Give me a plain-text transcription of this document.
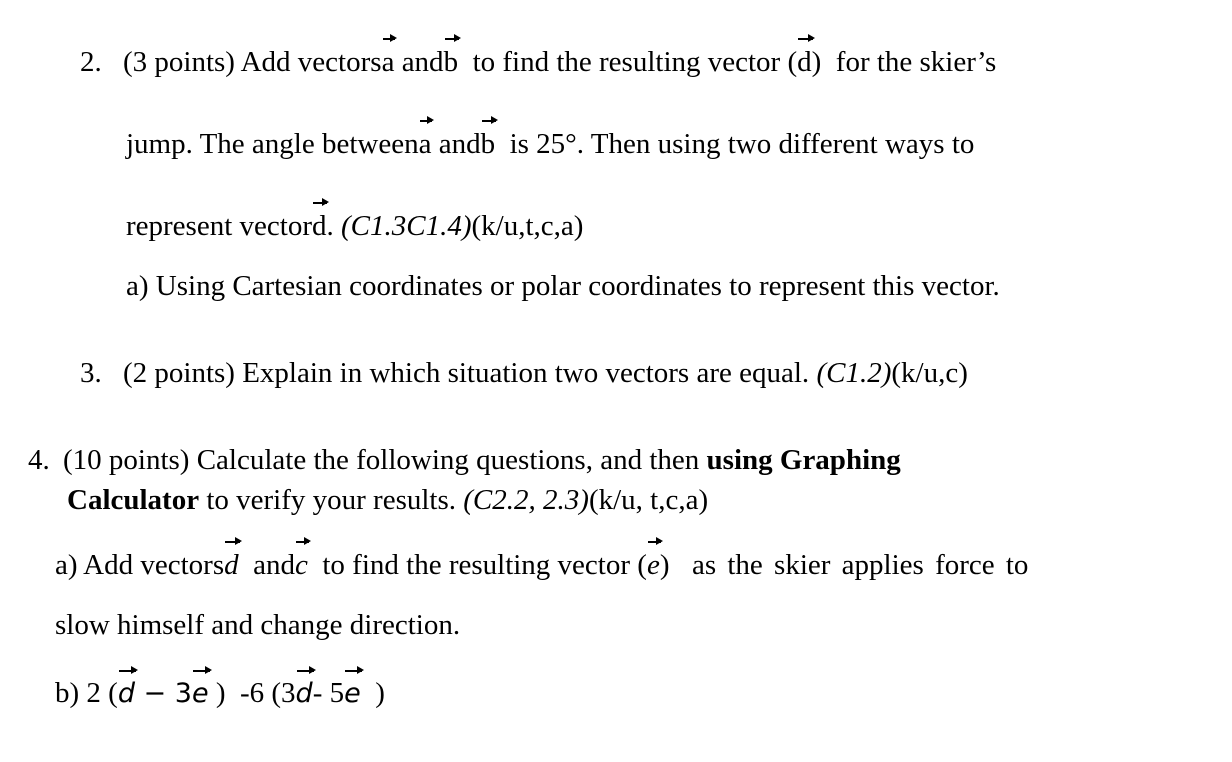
2. (3 points) Add vectorsa andb  to find the resulting vector (d)  for the skier’s
jump. The angle betweena andb  is 25°. Then using two different ways to
represent vectord. (C1.3C1.4)(k/u,t,c,a)
a) Using Cartesian coordinates or polar coordinates to represent this vector.
3. (2 points) Explain in which situation two vectors are equal. (C1.2)(k/u,c)
4. (10 points) Calculate the following questions, and then using Graphing
Calculator to verify your results. (C2.2, 2.3)(k/u, t,c,a)
a) Add vectorsd  andc  to find the resulting vector (e)  as the skier applies force to
slow himself and change direction.
b) 2 (d − 3e )  -6 (3d- 5e  )
